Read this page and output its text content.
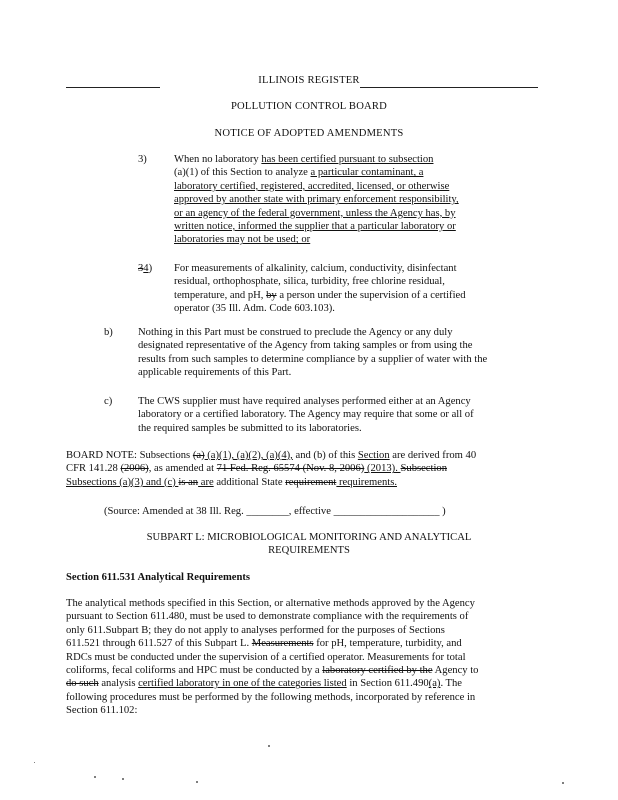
ILLINOIS REGISTER
POLLUTION CONTROL BOARD
NOTICE OF ADOPTED AMENDMENTS
3)	When no laboratory has been certified pursuant to subsection
(a)(1) of this Section to analyze a particular contaminant, a
laboratory certified, registered, accredited, licensed, or otherwise
approved by another state with primary enforcement responsibility,
or an agency of the federal government, unless the Agency has, by
written notice, informed the supplier that a particular laboratory or
laboratories may not be used; or
34) For measurements of alkalinity, calcium, conductivity, disinfectant
residual, orthophosphate, silica, turbidity, free chlorine residual,
temperature, and pH, by a person under the supervision of a certified
operator (35 Ill. Adm. Code 603.103).
b) Nothing in this Part must be construed to preclude the Agency or any duly
designated representative of the Agency from taking samples or from using the
results from such samples to determine compliance by a supplier of water with the
applicable requirements of this Part.
c) The CWS supplier must have required analyses performed either at an Agency
laboratory or a certified laboratory. The Agency may require that some or all of
the required samples be submitted to its laboratories.
BOARD NOTE: Subsections (a) (a)(1), (a)(2), (a)(4), and (b) of this Section are derived from 40
CFR 141.28 (2006), as amended at 71 Fed. Reg. 65574 (Nov. 8, 2006) (2013). Subsection
Subsections (a)(3) and (c) is an are additional State requirement requirements.
(Source: Amended at 38 Ill. Reg. ________, effective ____________________ )
SUBPART L: MICROBIOLOGICAL MONITORING AND ANALYTICAL
REQUIREMENTS
Section 611.531 Analytical Requirements
The analytical methods specified in this Section, or alternative methods approved by the Agency
pursuant to Section 611.480, must be used to demonstrate compliance with the requirements of
only 611.Subpart B; they do not apply to analyses performed for the purposes of Sections
611.521 through 611.527 of this Subpart L. Measurements for pH, temperature, turbidity, and
RDCs must be conducted under the supervision of a certified operator. Measurements for total
coliforms, fecal coliforms and HPC must be conducted by a laboratory certified by the Agency to
do such analysis certified laboratory in one of the categories listed in Section 611.490(a). The
following procedures must be performed by the following methods, incorporated by reference in
Section 611.102:
